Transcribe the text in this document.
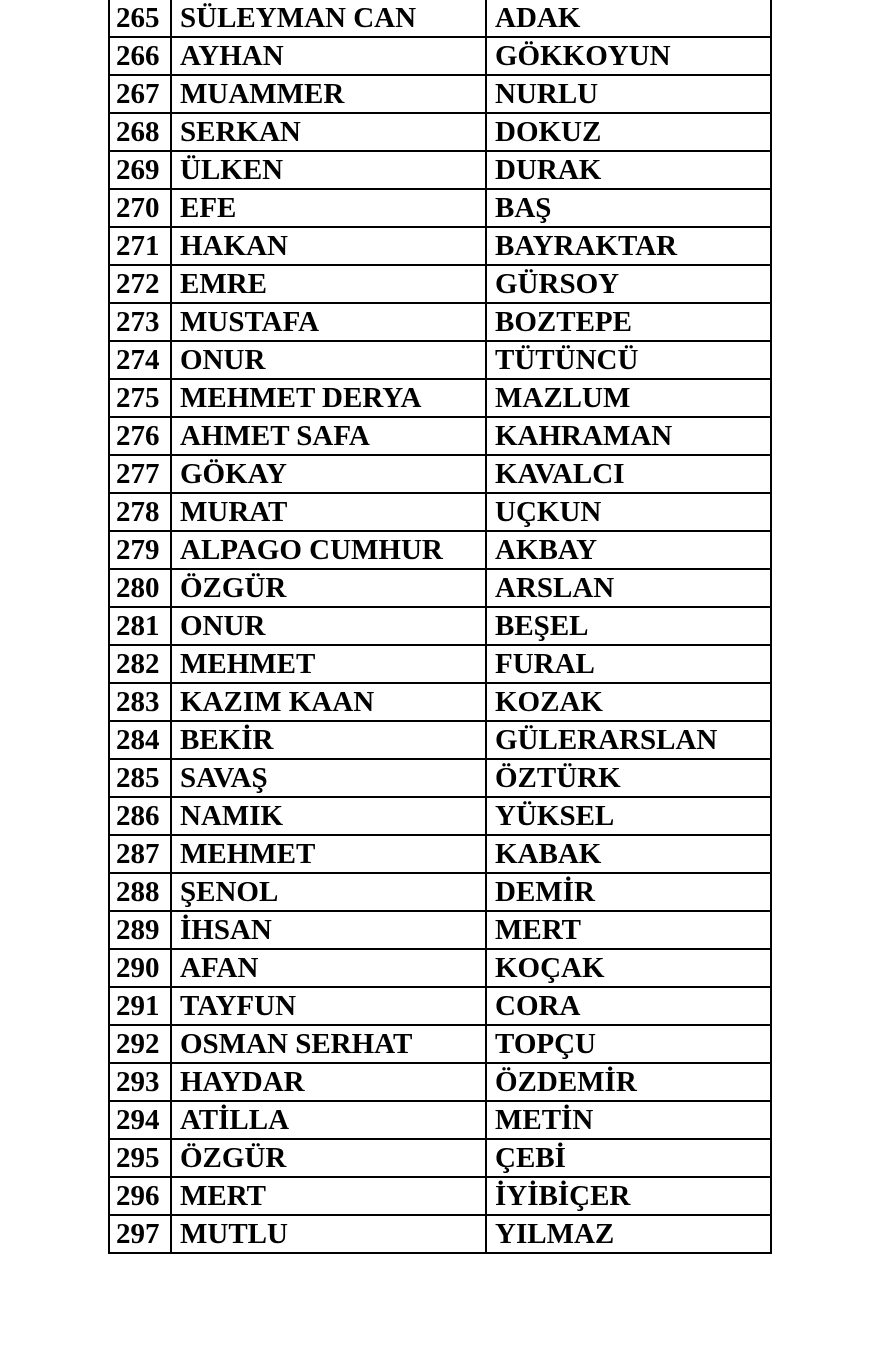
265	SÜLEYMAN CAN	ADAK
266	AYHAN	GÖKKOYUN
267	MUAMMER	NURLU
268	SERKAN	DOKUZ
269	ÜLKEN	DURAK
270	EFE	BAŞ
271	HAKAN	BAYRAKTAR
272	EMRE	GÜRSOY
273	MUSTAFA	BOZTEPE
274	ONUR	TÜTÜNCÜ
275	MEHMET DERYA	MAZLUM
276	AHMET SAFA	KAHRAMAN
277	GÖKAY	KAVALCI
278	MURAT	UÇKUN
279	ALPAGO CUMHUR	AKBAY
280	ÖZGÜR	ARSLAN
281	ONUR	BEŞEL
282	MEHMET	FURAL
283	KAZIM KAAN	KOZAK
284	BEKİR	GÜLERARSLAN
285	SAVAŞ	ÖZTÜRK
286	NAMIK	YÜKSEL
287	MEHMET	KABAK
288	ŞENOL	DEMİR
289	İHSAN	MERT
290	AFAN	KOÇAK
291	TAYFUN	CORA
292	OSMAN SERHAT	TOPÇU
293	HAYDAR	ÖZDEMİR
294	ATİLLA	METİN
295	ÖZGÜR	ÇEBİ
296	MERT	İYİBİÇER
297	MUTLU	YILMAZ
